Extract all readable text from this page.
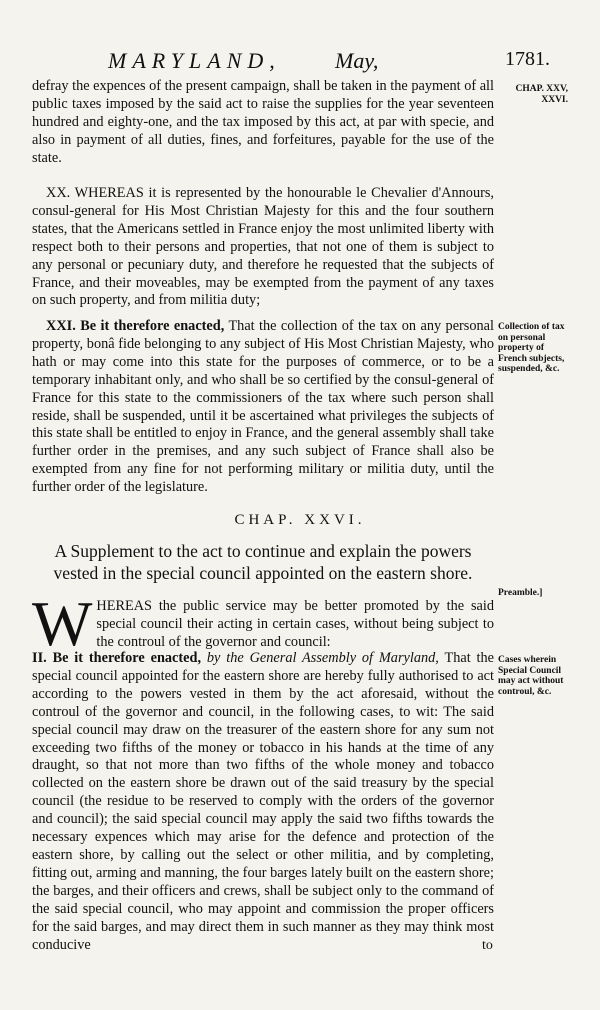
MARYLAND, May,	1781.
CHAP. XXV, XXVI.

defray the expences of the present campaign, shall be taken in the payment of all public taxes imposed by the said act to raise the supplies for the year seventeen hundred and eighty-one, and the tax imposed by this act, at par with specie, and also in payment of all duties, fines, and forfeitures, payable for the use of the state.

XX. WHEREAS it is represented by the honourable le Chevalier d'Annours, consul-general for His Most Christian Majesty for this and the four southern states, that the Americans settled in France enjoy the most unlimited liberty with respect both to their persons and properties, that not one of them is subject to any personal or pecuniary duty, and therefore he requested that the subjects of France, and their moveables, may be exempted from the payment of any taxes on such property, and from militia duty;

XXI. Be it therefore enacted, That the collection of the tax on any personal property, bonâ fide belonging to any subject of His Most Christian Majesty, who hath or may come into this state for the purposes of commerce, or to be a temporary inhabitant only, and who shall be so certified by the consul-general of France for this state to the commissioners of the tax where such person shall reside, shall be suspended, until it be ascertained what privileges the subjects of this state shall be entitled to enjoy in France, and the general assembly shall take further order in the premises, and any such subject of France shall also be exempted from any fine for not performing military or militia duty, until the further order of the legislature.

Collection of tax on personal property of French subjects, suspended, &c.
CHAP. XXVI.
A Supplement to the act to continue and explain the powers vested in the special council appointed on the eastern shore.

WHEREAS the public service may be better promoted by the said special council their acting in certain cases, without being subject to the controul of the governor and council:

Preamble.]

II. Be it therefore enacted, by the General Assembly of Maryland, That the special council appointed for the eastern shore are hereby fully authorised to act according to the powers vested in them by the act aforesaid, without the controul of the governor and council, in the following cases, to wit: The said special council may draw on the treasurer of the eastern shore for any sum not exceeding two fifths of the money or tobacco in his hands at the time of any draught, so that not more than two fifths of the whole money and tobacco collected on the eastern shore be drawn out of the said treasury by the special council (the residue to be reserved to comply with the orders of the governor and council); the said special council may apply the said two fifths towards the necessary expences which may arise for the defence and protection of the eastern shore, by calling out the select or other militia, and by completing, fitting out, arming and manning, the four barges lately built on the eastern shore; the barges, and their officers and crews, shall be subject only to the command of the said special council, who may appoint and commission the proper officers for the said barges, and may direct them in such manner as they may think most conducive

Cases wherein Special Council may act without controul, &c.
to
